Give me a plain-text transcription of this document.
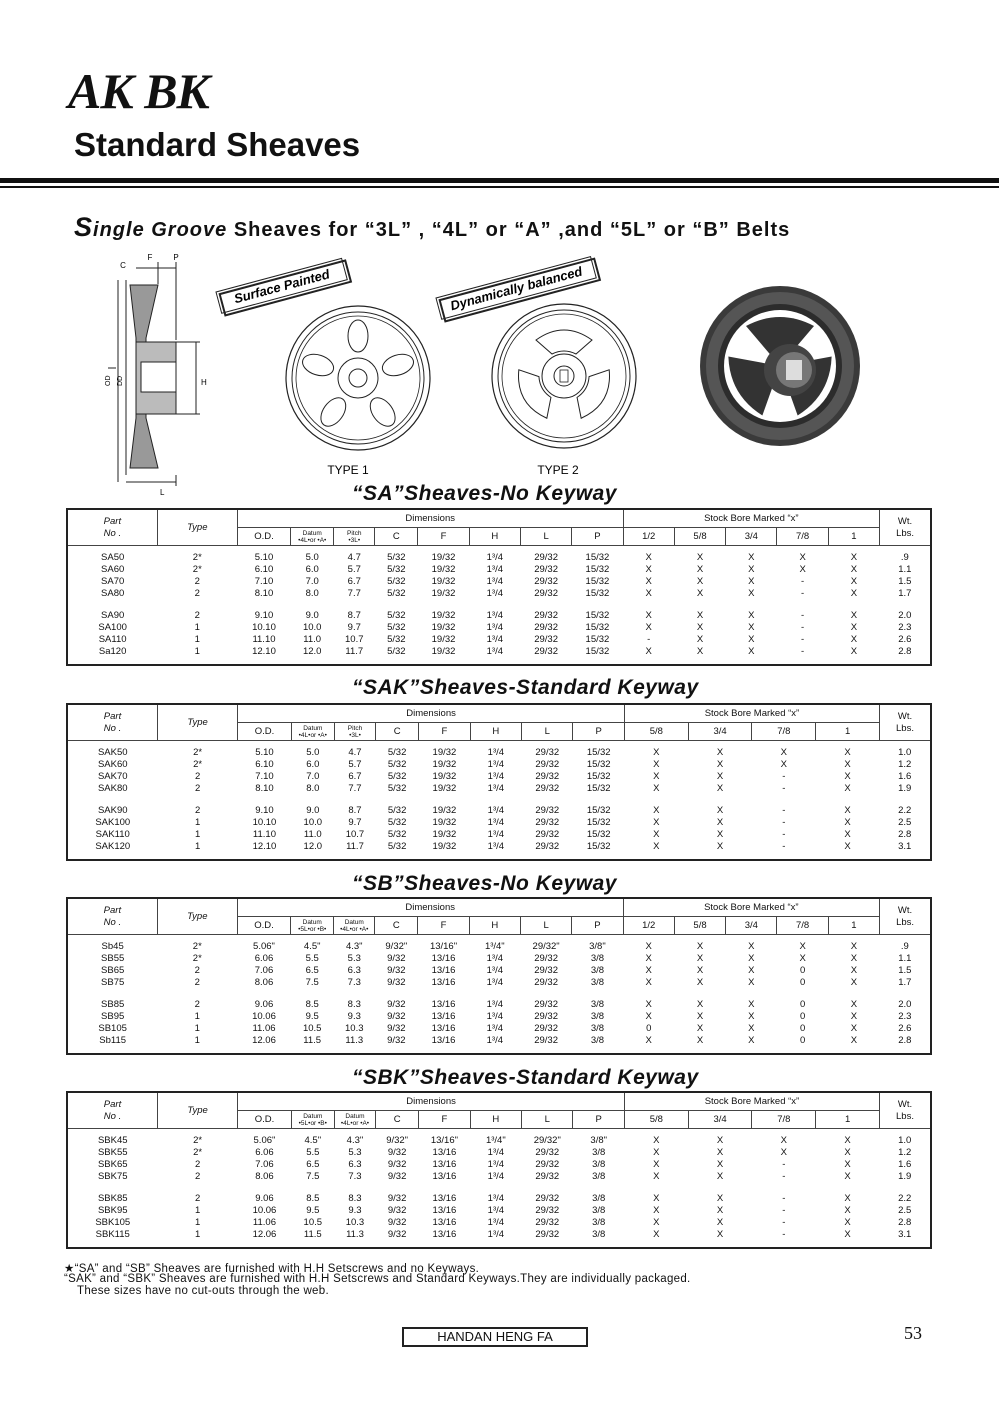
AK BK
Standard Sheaves
Single Groove Sheaves for “3L” , “4L” or “A” ,and “5L” or “B” Belts
C
F	P
H
L
OD DD
Surface Painted	Dynamically balanced
TYPE 1	TYPE 2
“SA”Sheaves-No Keyway
“SAK”Sheaves-Standard Keyway
“SB”Sheaves-No Keyway
“SBK”Sheaves-Standard Keyway
Part
No .	Type	Dimensions								Stock Bore Marked “x”					Wt.
Lbs.
		O.D.	Datum
•4L•or •A•	Pitch
•3L•	C	F	H	L	P	1/2	5/8	3/4	7/8	1	

SA50	2*	5.10	5.0	4.7	5/32	19/32	1³/4	29/32	15/32	X	X	X	X	X	.9
SA60	2*	6.10	6.0	5.7	5/32	19/32	1³/4	29/32	15/32	X	X	X	X	X	1.1
SA70	2	7.10	7.0	6.7	5/32	19/32	1³/4	29/32	15/32	X	X	X	-	X	1.5
SA80	2	8.10	8.0	7.7	5/32	19/32	1³/4	29/32	15/32	X	X	X	-	X	1.7

SA90	2	9.10	9.0	8.7	5/32	19/32	1³/4	29/32	15/32	X	X	X	-	X	2.0
SA100	1	10.10	10.0	9.7	5/32	19/32	1³/4	29/32	15/32	X	X	X	-	X	2.3
SA110	1	11.10	11.0	10.7	5/32	19/32	1³/4	29/32	15/32	-	X	X	-	X	2.6
Sa120	1	12.10	12.0	11.7	5/32	19/32	1³/4	29/32	15/32	X	X	X	-	X	2.8

Part
No .	Type	Dimensions								Stock Bore Marked “x”				Wt.
Lbs.
		O.D.	Datum
•4L•or •A•	Pitch
•3L•	C	F	H	L	P	5/8	3/4	7/8	1	

SAK50	2*	5.10	5.0	4.7	5/32	19/32	1³/4	29/32	15/32	X	X	X	X	1.0
SAK60	2*	6.10	6.0	5.7	5/32	19/32	1³/4	29/32	15/32	X	X	X	X	1.2
SAK70	2	7.10	7.0	6.7	5/32	19/32	1³/4	29/32	15/32	X	X	-	X	1.6
SAK80	2	8.10	8.0	7.7	5/32	19/32	1³/4	29/32	15/32	X	X	-	X	1.9

SAK90	2	9.10	9.0	8.7	5/32	19/32	1³/4	29/32	15/32	X	X	-	X	2.2
SAK100	1	10.10	10.0	9.7	5/32	19/32	1³/4	29/32	15/32	X	X	-	X	2.5
SAK110	1	11.10	11.0	10.7	5/32	19/32	1³/4	29/32	15/32	X	X	-	X	2.8
SAK120	1	12.10	12.0	11.7	5/32	19/32	1³/4	29/32	15/32	X	X	-	X	3.1

Part
No .	Type	Dimensions								Stock Bore Marked “x”					Wt.
Lbs.
		O.D.	Datum
•5L•or •B•	Datum
•4L•or •A•	C	F	H	L	P	1/2	5/8	3/4	7/8	1	

Sb45	2*	5.06"	4.5"	4.3"	9/32"	13/16"	1³/4"	29/32"	3/8"	X	X	X	X	X	.9
SB55	2*	6.06	5.5	5.3	9/32	13/16	1³/4	29/32	3/8	X	X	X	X	X	1.1
SB65	2	7.06	6.5	6.3	9/32	13/16	1³/4	29/32	3/8	X	X	X	0	X	1.5
SB75	2	8.06	7.5	7.3	9/32	13/16	1³/4	29/32	3/8	X	X	X	0	X	1.7

SB85	2	9.06	8.5	8.3	9/32	13/16	1³/4	29/32	3/8	X	X	X	0	X	2.0
SB95	1	10.06	9.5	9.3	9/32	13/16	1³/4	29/32	3/8	X	X	X	0	X	2.3
SB105	1	11.06	10.5	10.3	9/32	13/16	1³/4	29/32	3/8	0	X	X	0	X	2.6
Sb115	1	12.06	11.5	11.3	9/32	13/16	1³/4	29/32	3/8	X	X	X	0	X	2.8

Part
No .	Type	Dimensions								Stock Bore Marked “x”				Wt.
Lbs.
		O.D.	Datum
•5L•or •B•	Datum
•4L•or •A•	C	F	H	L	P	5/8	3/4	7/8	1	

SBK45	2*	5.06"	4.5"	4.3"	9/32"	13/16"	1³/4"	29/32"	3/8"	X	X	X	X	1.0
SBK55	2*	6.06	5.5	5.3	9/32	13/16	1³/4	29/32	3/8	X	X	X	X	1.2
SBK65	2	7.06	6.5	6.3	9/32	13/16	1³/4	29/32	3/8	X	X	-	X	1.6
SBK75	2	8.06	7.5	7.3	9/32	13/16	1³/4	29/32	3/8	X	X	-	X	1.9

SBK85	2	9.06	8.5	8.3	9/32	13/16	1³/4	29/32	3/8	X	X	-	X	2.2
SBK95	1	10.06	9.5	9.3	9/32	13/16	1³/4	29/32	3/8	X	X	-	X	2.5
SBK105	1	11.06	10.5	10.3	9/32	13/16	1³/4	29/32	3/8	X	X	-	X	2.8
SBK115	1	12.06	11.5	11.3	9/32	13/16	1³/4	29/32	3/8	X	X	-	X	3.1

★“SA” and “SB” Sheaves are furnished with H.H Setscrews and no Keyways.
“SAK” and “SBK” Sheaves are furnished with H.H Setscrews and Standard Keyways.They are individually packaged.
These sizes have no cut-outs through the web.
HANDAN HENG FA	53
